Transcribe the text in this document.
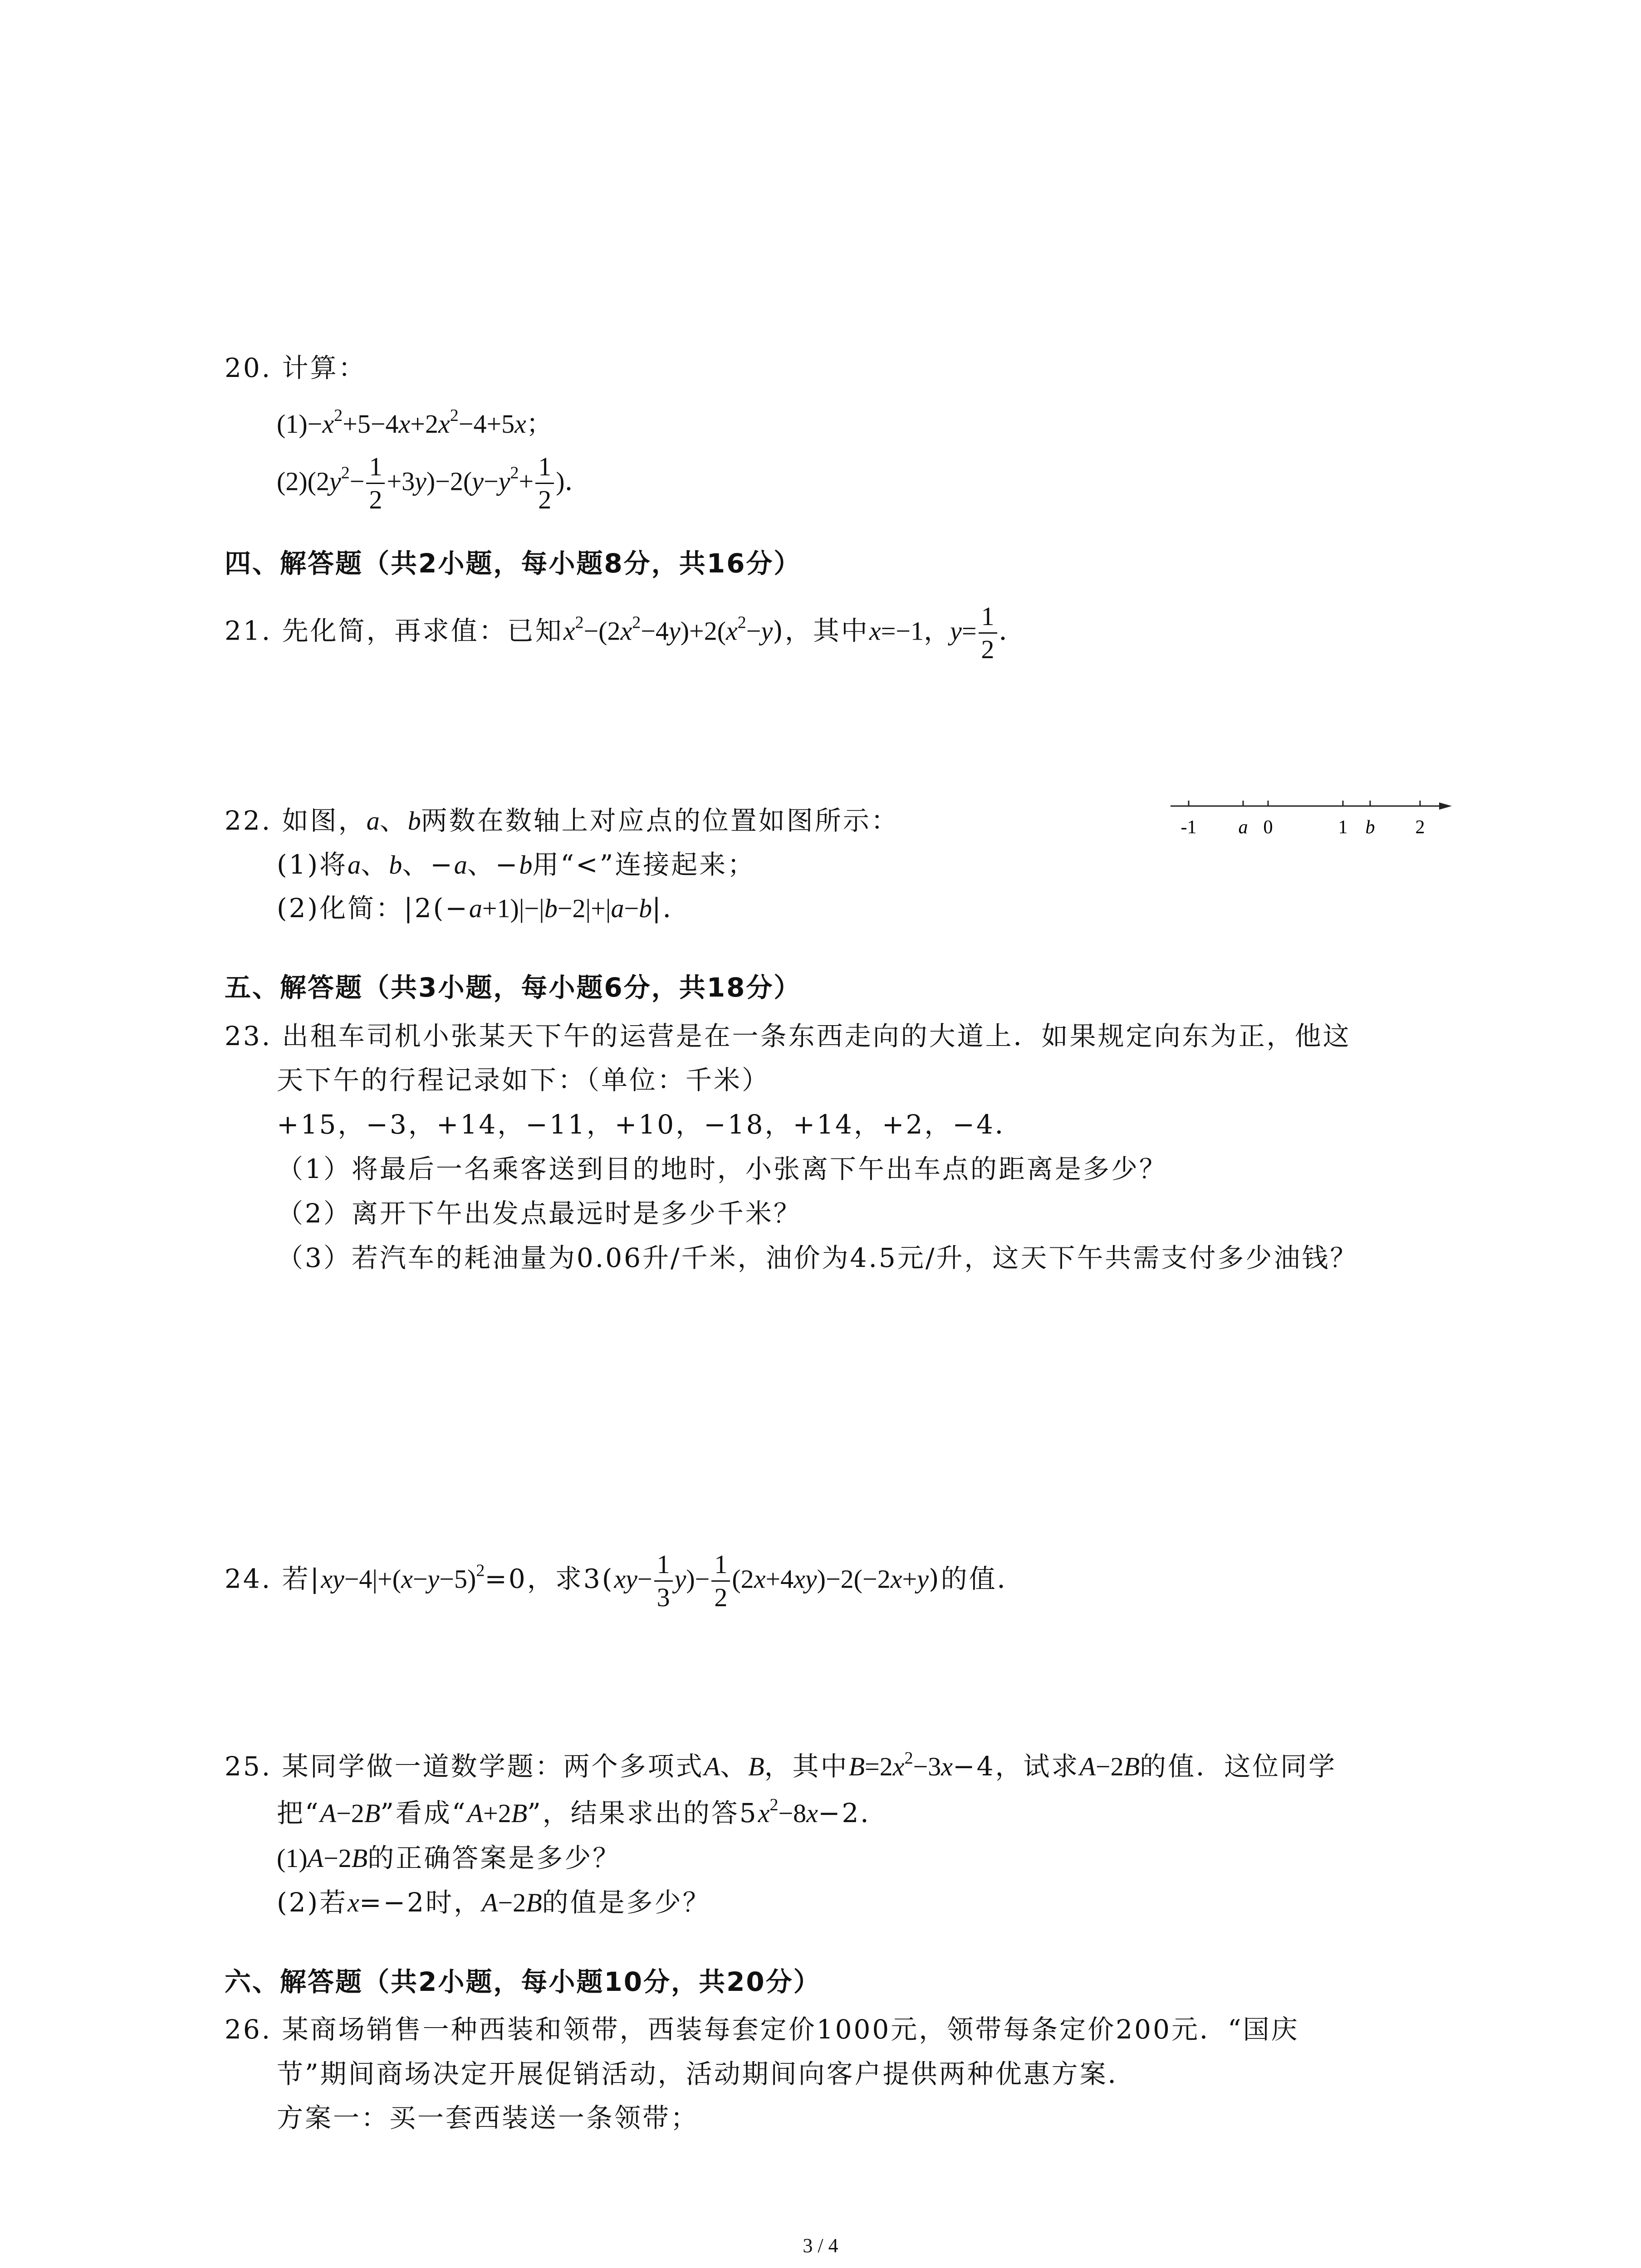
20. 计算：
$(1)-x^2+5-4x+2x^2-4+5x$；
$(2)(2y^2- \frac{1}{2} +3y)-2(y-y^2+ \frac{1}{2}$ )．
四、解答题（共2小题，每小题8分，共16分）
21. 先化简，再求值：已知$x^2-(2x^2-4y)+2(x^2-y)$，其中x=−1，$y= \frac{1}{2}$ ．
22. 如图，a、b两数在数轴上对应点的位置如图所示：
(1)将a、b、−a、−b用“<”连接起来；
(2)化简：|2(−a+1)|−|b−2|+|a−b|．
-1 a 0	1 b 2
五、解答题（共3小题，每小题6分，共18分）
23. 出租车司机小张某天下午的运营是在一条东西走向的大道上．如果规定向东为正，他这
天下午的行程记录如下：（单位：千米）
+15，−3，+14，−11，+10，−18，+14，+2，−4．
（1）将最后一名乘客送到目的地时，小张离下午出车点的距离是多少？
（2）离开下午出发点最远时是多少千米？
（3）若汽车的耗油量为0.06升/千米，油价为4.5元/升，这天下午共需支付多少油钱？
24. 若$|xy-4|+(x-y-5)^2=0$，求$3(xy- \frac{1}{3} y)- \frac{1}{2} (2x+4xy)-2(-2x+y)$的值．
25. 某同学做一道数学题：两个多项式A、B，其中$B=2x^2-3x-4$，试求A−2B的值．这位同学
把“A−2B”看成“A+2B”，结果求出的答$5x^2-8x-2$．
(1)A−2B的正确答案是多少？
(2)若x=−2时，A−2B的值是多少？
六、解答题（共2小题，每小题10分，共20分）
26. 某商场销售一种西装和领带，西装每套定价1000元，领带每条定价200元．“国庆
节”期间商场决定开展促销活动，活动期间向客户提供两种优惠方案．
方案一：买一套西装送一条领带；
3 / 4
